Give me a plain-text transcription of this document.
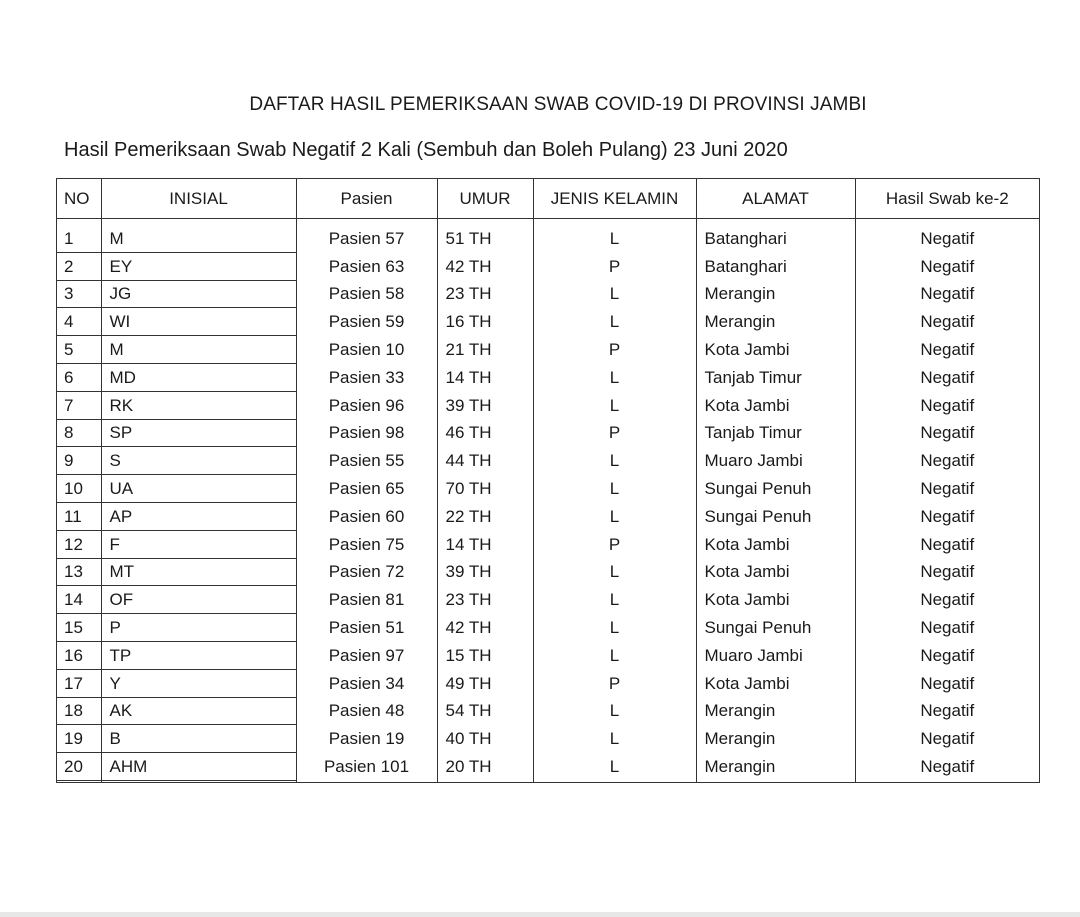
DAFTAR HASIL PEMERIKSAAN SWAB COVID-19 DI PROVINSI JAMBI
Hasil Pemeriksaan Swab Negatif 2 Kali (Sembuh dan Boleh Pulang) 23 Juni 2020
NO	INISIAL	Pasien	UMUR	JENIS KELAMIN	ALAMAT	Hasil Swab ke-2

1	M	Pasien 57	51 TH	L	Batanghari	Negatif
2	EY	Pasien 63	42 TH	P	Batanghari	Negatif
3	JG	Pasien 58	23 TH	L	Merangin	Negatif
4	WI	Pasien 59	16 TH	L	Merangin	Negatif
5	M	Pasien 10	21 TH	P	Kota Jambi	Negatif
6	MD	Pasien 33	14 TH	L	Tanjab Timur	Negatif
7	RK	Pasien 96	39 TH	L	Kota Jambi	Negatif
8	SP	Pasien 98	46 TH	P	Tanjab Timur	Negatif
9	S	Pasien 55	44 TH	L	Muaro Jambi	Negatif
10	UA	Pasien 65	70 TH	L	Sungai Penuh	Negatif
11	AP	Pasien 60	22 TH	L	Sungai Penuh	Negatif
12	F	Pasien 75	14 TH	P	Kota Jambi	Negatif
13	MT	Pasien 72	39 TH	L	Kota Jambi	Negatif
14	OF	Pasien 81	23 TH	L	Kota Jambi	Negatif
15	P	Pasien 51	42 TH	L	Sungai Penuh	Negatif
16	TP	Pasien 97	15 TH	L	Muaro Jambi	Negatif
17	Y	Pasien 34	49 TH	P	Kota Jambi	Negatif
18	AK	Pasien 48	54 TH	L	Merangin	Negatif
19	B	Pasien 19	40 TH	L	Merangin	Negatif
20	AHM	Pasien 101	20 TH	L	Merangin	Negatif
